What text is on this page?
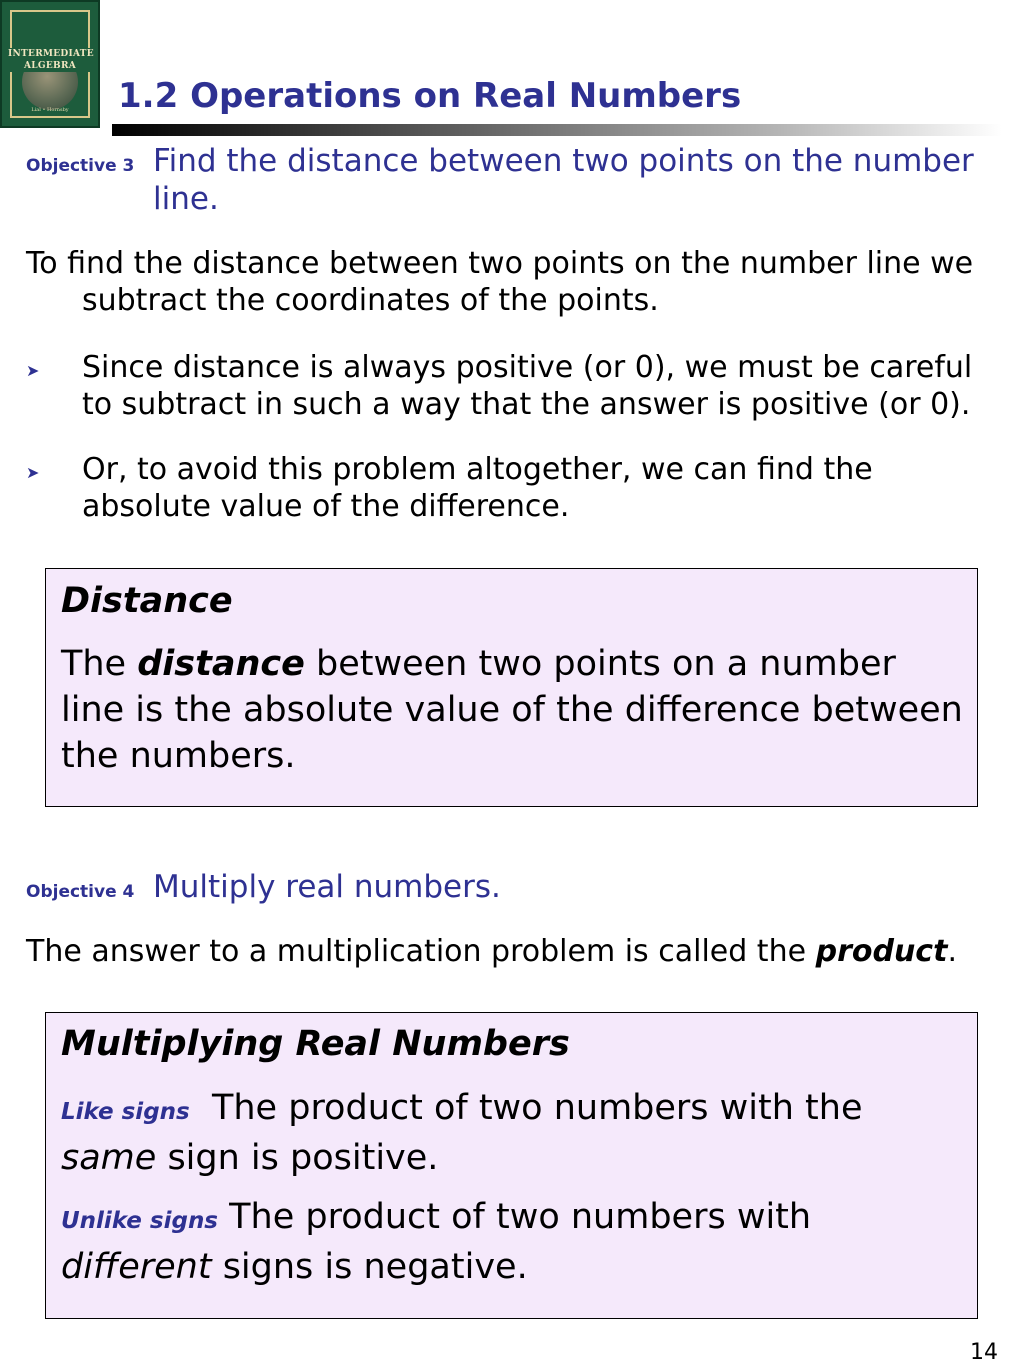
INTERMEDIATE
ALGEBRA
Lial • Hornsby	1.2 Operations on Real Numbers
Objective 3 Find the distance between two points on the number line.

To find the distance between two points on the number line we subtract the coordinates of the points.

➤ Since distance is always positive (or 0), we must be careful to subtract in such a way that the answer is positive (or 0).

➤ Or, to avoid this problem altogether, we can find the absolute value of the difference.

Distance

The distance between two points on a number line is the absolute value of the difference between the numbers.

Objective 4 Multiply real numbers.

The answer to a multiplication problem is called the product.

Multiplying Real Numbers

Like signs The product of two numbers with the same sign is positive.

Unlike signs The product of two numbers with different signs is negative.

14
